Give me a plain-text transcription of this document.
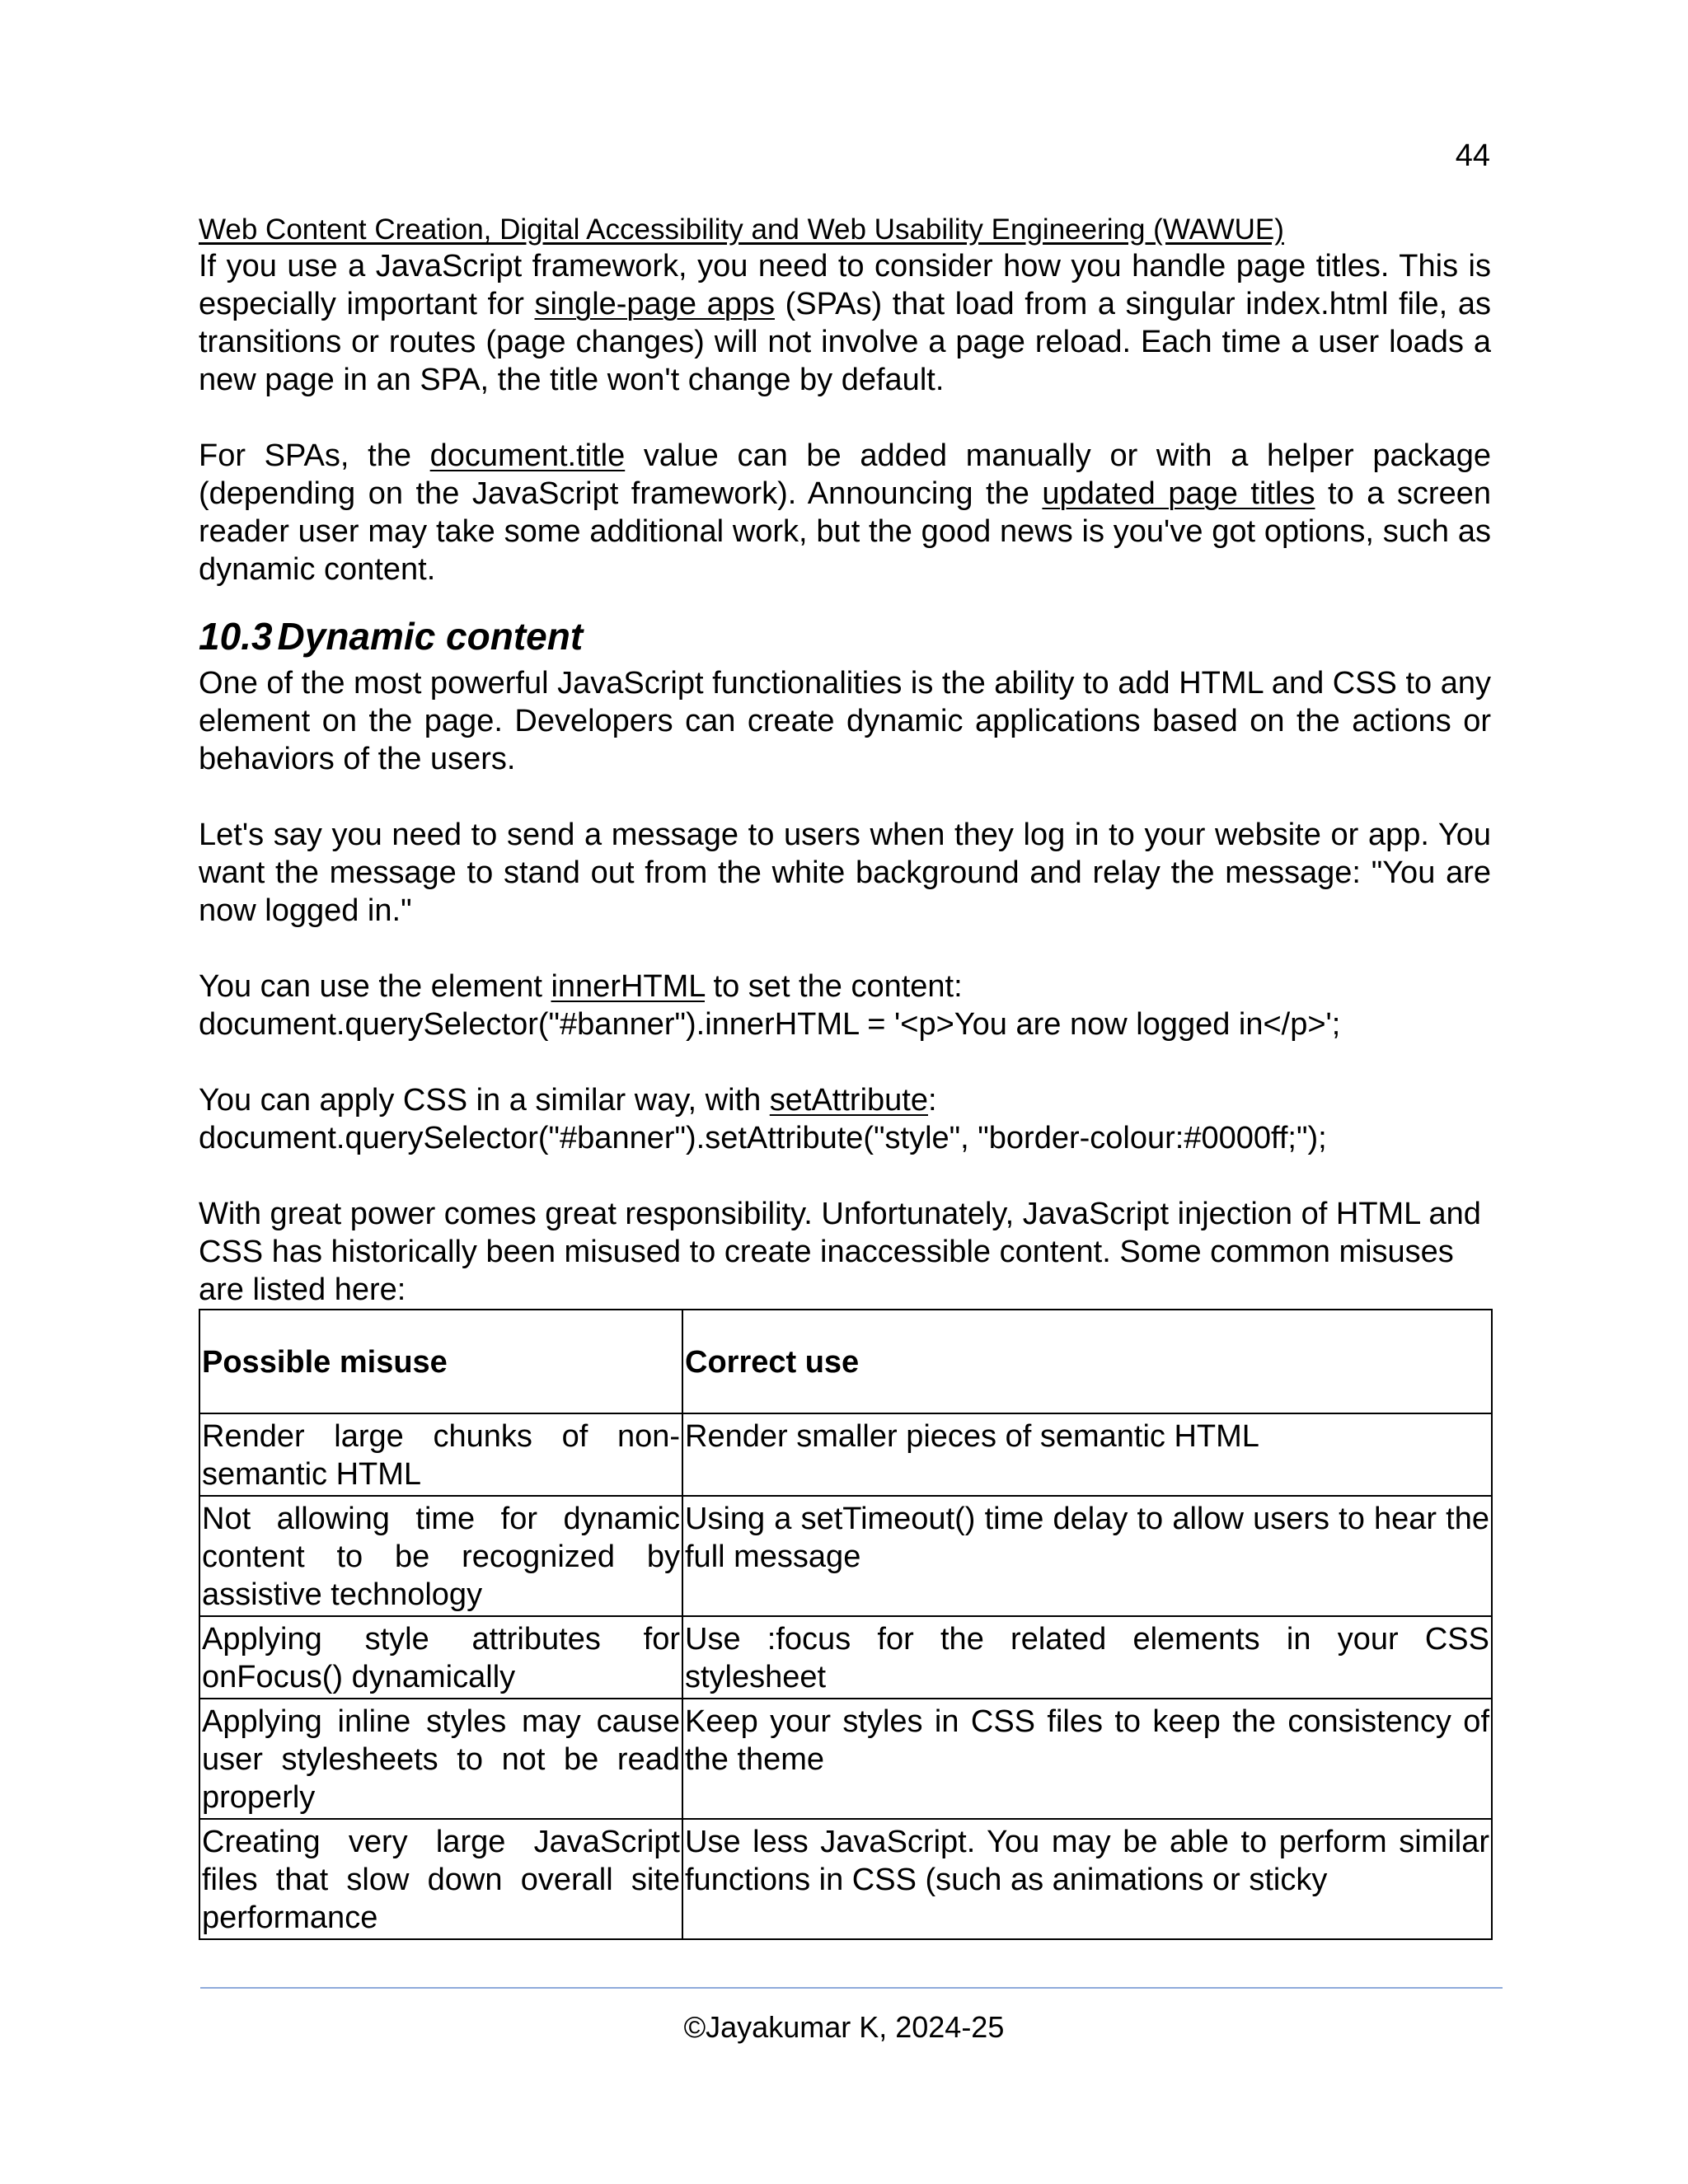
44
Web Content Creation, Digital Accessibility and Web Usability Engineering (WAWUE)

If you use a JavaScript framework, you need to consider how you handle page titles. This is especially important for single-page apps (SPAs) that load from a singular index.html file, as transitions or routes (page changes) will not involve a page reload. Each time a user loads a new page in an SPA, the title won't change by default.

For SPAs, the document.title value can be added manually or with a helper package (depending on the JavaScript framework). Announcing the updated page titles to a screen reader user may take some additional work, but the good news is you've got options, such as dynamic content.

10.3 Dynamic content

One of the most powerful JavaScript functionalities is the ability to add HTML and CSS to any element on the page. Developers can create dynamic applications based on the actions or behaviors of the users.

Let's say you need to send a message to users when they log in to your website or app. You want the message to stand out from the white background and relay the message: "You are now logged in."

You can use the element innerHTML to set the content:

document.querySelector("#banner").innerHTML = '<p>You are now logged in</p>';

You can apply CSS in a similar way, with setAttribute:

document.querySelector("#banner").setAttribute("style", "border-colour:#0000ff;");

With great power comes great responsibility. Unfortunately, JavaScript injection of HTML and CSS has historically been misused to create inaccessible content. Some common misuses are listed here:

Possible misuse	Correct use
Render large chunks of non-semantic HTML	Render smaller pieces of semantic HTML
Not allowing time for dynamic content to be recognized by assistive technology	Using a setTimeout() time delay to allow users to hear the full message
Applying style attributes for onFocus() dynamically	Use :focus for the related elements in your CSS stylesheet
Applying inline styles may cause user stylesheets to not be read properly	Keep your styles in CSS files to keep the consistency of the theme
Creating very large JavaScript files that slow down overall site performance	Use less JavaScript. You may be able to perform similar functions in CSS (such as animations or sticky
©Jayakumar K, 2024-25
